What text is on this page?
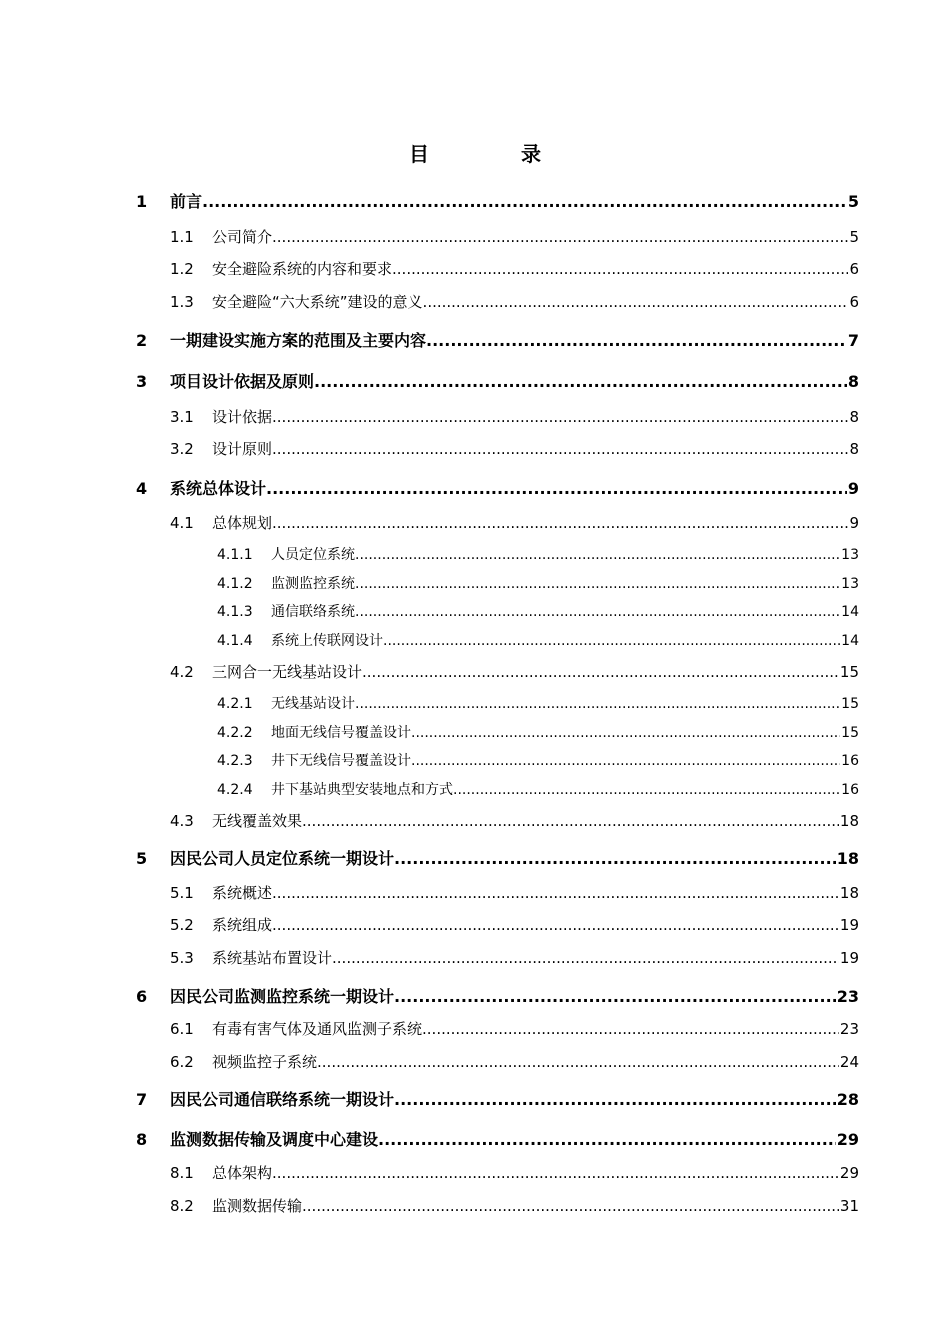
目	录
1	前言 .....	5
1.1	公司简介 .....	5
1.2	安全避险系统的内容和要求 .....	6
1.3	安全避险“六大系统”建设的意义 .....	6
2	一期建设实施方案的范围及主要内容 .....	7
3	项目设计依据及原则 .....	8
3.1	设计依据 .....	8
3.2	设计原则 .....	8
4	系统总体设计 .....	9
4.1	总体规划 .....	9
4.1.1	人员定位系统 .....	13
4.1.2	监测监控系统 .....	13
4.1.3	通信联络系统 .....	14
4.1.4	系统上传联网设计 .....	14
4.2	三网合一无线基站设计 .....	15
4.2.1	无线基站设计 .....	15
4.2.2	地面无线信号覆盖设计 .....	15
4.2.3	井下无线信号覆盖设计 .....	16
4.2.4	井下基站典型安装地点和方式 .....	16
4.3	无线覆盖效果 .....	18
5	因民公司人员定位系统一期设计 .....	18
5.1	系统概述 .....	18
5.2	系统组成 .....	19
5.3	系统基站布置设计 .....	19
6	因民公司监测监控系统一期设计 .....	23
6.1	有毒有害气体及通风监测子系统 .....	23
6.2	视频监控子系统 .....	24
7	因民公司通信联络系统一期设计 .....	28
8	监测数据传输及调度中心建设 .....	29
8.1	总体架构 .....	29
8.2	监测数据传输 .....	31
